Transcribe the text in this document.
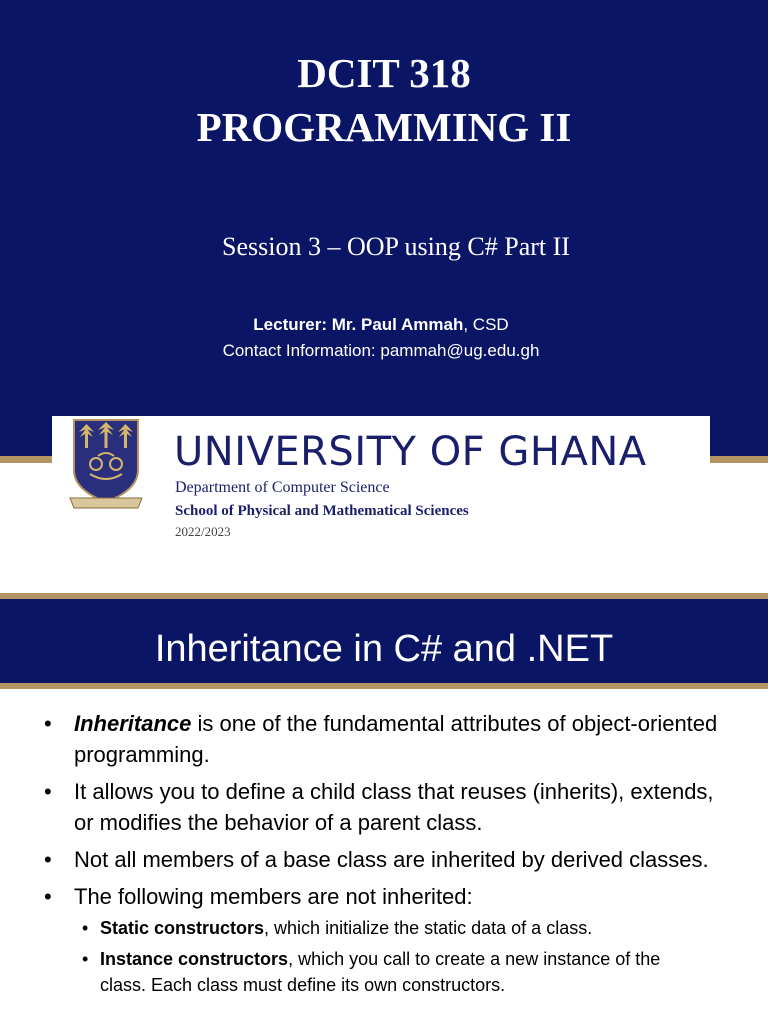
DCIT 318
PROGRAMMING II
Session 3 – OOP using C# Part II
Lecturer: Mr. Paul Ammah, CSD
Contact Information: pammah@ug.edu.gh
UNIVERSITY OF GHANA
Department of Computer Science
School of Physical and Mathematical Sciences
2022/2023
Inheritance in C# and .NET
• Inheritance is one of the fundamental attributes of object-oriented programming.
• It allows you to define a child class that reuses (inherits), extends, or modifies the behavior of a parent class.
• Not all members of a base class are inherited by derived classes.
• The following members are not inherited:
• Static constructors, which initialize the static data of a class.
• Instance constructors, which you call to create a new instance of the class. Each class must define its own constructors.
